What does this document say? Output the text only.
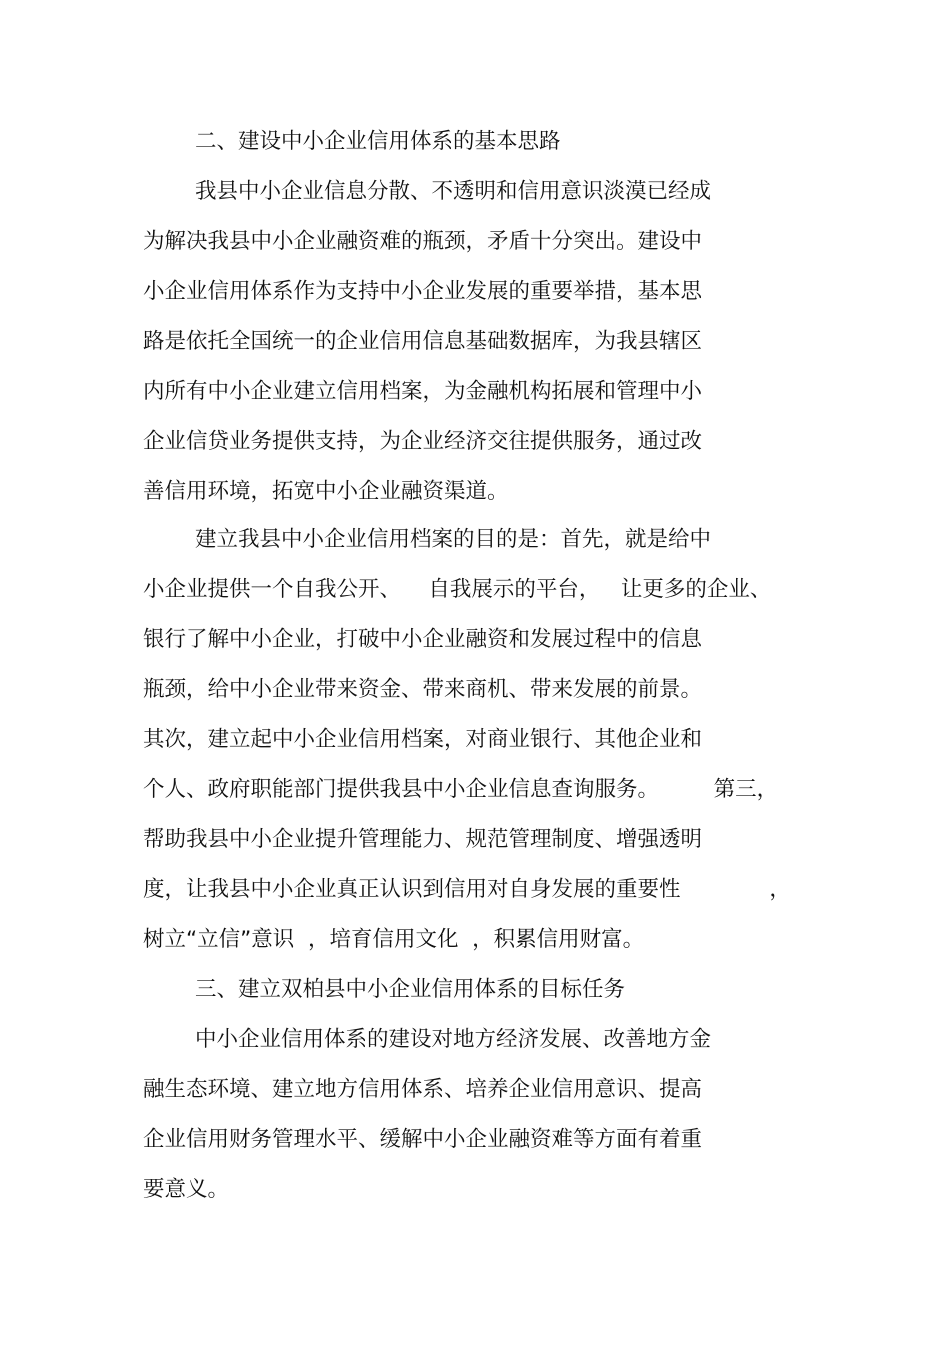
二、建设中小企业信用体系的基本思路
我县中小企业信息分散、不透明和信用意识淡漠已经成
为解决我县中小企业融资难的瓶颈，矛盾十分突出。建设中
小企业信用体系作为支持中小企业发展的重要举措，基本思
路是依托全国统一的企业信用信息基础数据库，为我县辖区
内所有中小企业建立信用档案，为金融机构拓展和管理中小
企业信贷业务提供支持，为企业经济交往提供服务，通过改
善信用环境，拓宽中小企业融资渠道。
建立我县中小企业信用档案的目的是：首先，就是给中
小企业提供一个自我公开、    自我展示的平台，   让更多的企业、
银行了解中小企业，打破中小企业融资和发展过程中的信息
瓶颈，给中小企业带来资金、带来商机、带来发展的前景。
其次，建立起中小企业信用档案，对商业银行、其他企业和
个人、政府职能部门提供我县中小企业信息查询服务。        第三，
帮助我县中小企业提升管理能力、规范管理制度、增强透明
度，让我县中小企业真正认识到信用对自身发展的重要性             ，
树立“立信”意识  ，培育信用文化  ，积累信用财富。
三、建立双柏县中小企业信用体系的目标任务
中小企业信用体系的建设对地方经济发展、改善地方金
融生态环境、建立地方信用体系、培养企业信用意识、提高
企业信用财务管理水平、缓解中小企业融资难等方面有着重
要意义。
